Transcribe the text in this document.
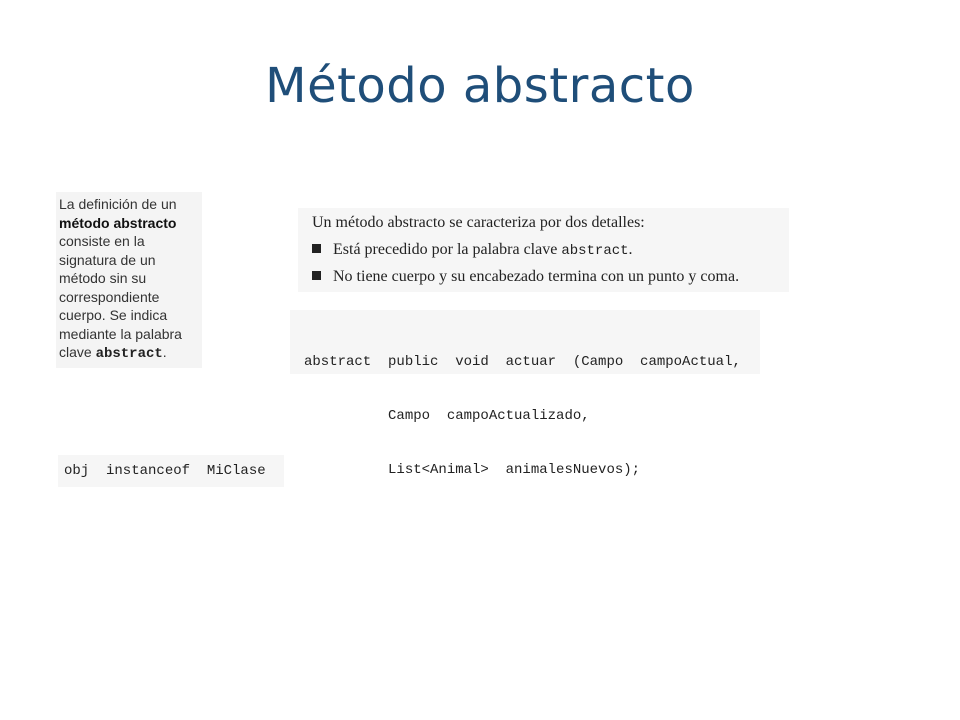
Método abstracto
La definición de un
método abstracto
consiste en la
signatura de un
método sin su
correspondiente
cuerpo. Se indica
mediante la palabra
clave abstract.
Un método abstracto se caracteriza por dos detalles:
Está precedido por la palabra clave abstract.
No tiene cuerpo y su encabezado termina con un punto y coma.

abstract  public  void  actuar  (Campo  campoActual,

Campo  campoActualizado,

List<Animal>  animalesNuevos);

obj  instanceof  MiClase
